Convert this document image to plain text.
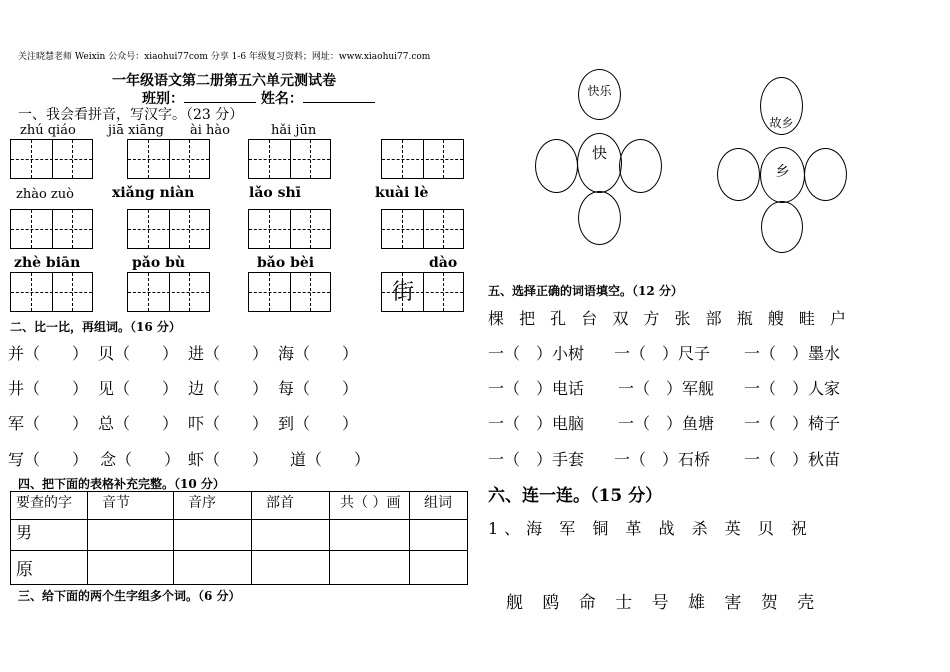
关注晓慧老师 Weixin 公众号：xiaohui77com 分享 1-6 年级复习资料；网址：www.xiaohui77.com
一年级语文第二册第五六单元测试卷
班别：	姓名：
一、我会看拼音，写汉字。（23 分）
zhú qiáo jiā xiāng ài hào	hǎi jūn
zhào zuò	xiǎng niàn	lǎo shī	kuài lè
zhè biān	pǎo bù	bǎo bèi	dào
街
二、比一比，再组词。（16 分）
并（　　） 贝（　　） 进（　　） 海（　　）
井（　　） 见（　　） 边（　　） 每（　　）
军（　　） 总（　　） 吓（　　） 到（　　）
写（　　） 念（　　） 虾（　　） 道（　　）
四、把下面的表格补充完整。（10 分）
要查的字	音节	音序	部首	共（ ）画	组词
男					
原					
三、给下面的两个生字组多个词。（6 分）
快乐
快
故乡
乡
五、选择正确的词语填空。（12 分）
棵 把 孔 台 双 方 张 部 瓶 艘 畦 户
一（　）小树 一（　）尺子 一（　）墨水
一（　）电话 一（　）军舰 一（　）人家
一（　）电脑 一（　）鱼塘 一（　）椅子
一（　）手套 一（　）石桥 一（　）秋苗
六、连一连。（15 分）
1、海 军 铜 革 战 杀 英 贝 祝
舰 鸥 命 士 号 雄 害 贺 壳
